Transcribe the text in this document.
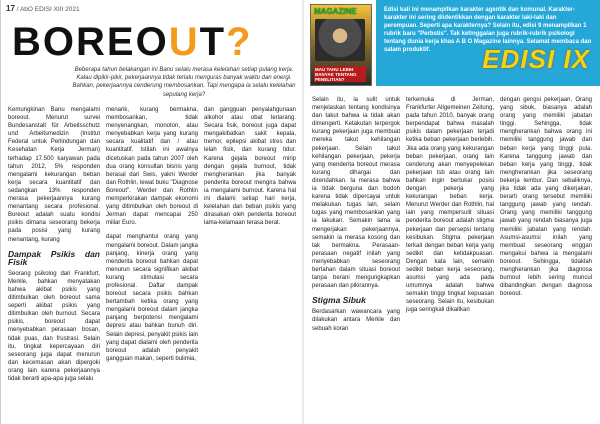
17 / AbO EDISI XIII 2021
BOREOUT?
Beberapa tahun belakangan ini Banu selalu merasa kelelahan setiap pulang kerja. Kalau dipikir-pikir, pekerjaannya tidak terlalu menguras banyak waktu dan energi. Bahkan, pekerjaannya cenderung membosankan. Tapi mengapa ia selalu kelelahan sepulang kerja?
Kemungkinan Banu mengalami boreout. Menurut survei Bundesanstalt für Arbeitsschutz und Arbeitsmedizin (Institut Federal untuk Perlindungan dan Kesehatan Kerja Jerman) terhadap 17.500 karyawan pada tahun 2012, 5% responden mengalami kekurangan beban kerja secara kuantitatif dan sedangkan 13% responden merasa pekerjaannya kurang menantang secara profesional. Boreout adalah suatu kondisi psikis dimana seseorang bekerja pada posisi yang kurang menantang, kurang
Dampak Psikis dan Fisik
Seorang psikolog dari Frankfurt, Merkle, bahkan menyatakan bahwa akibat psikis yang ditimbulkan oleh boreout sama seperti akibat psikis yang ditimbulkan oleh burnout. Secara psikis, boreout dapat menyebabkan perasaan bosan, tidak puas, dan frustrasi. Selain itu, tingkat kepercayaan diri seseorang juga dapat menurun dan kecemasan akan dipergoki orang lain karena pekerjaannya tidak berarti apa-apa juga selalu
menarik, kurang bermakna, membosankan, tidak menyenangkan, monoton, atau menyebabkan kerja yang kurang secara kualitatif dan / atau kuantitatif. Istilah ini awalnya dicetuskan pada tahun 2007 oleh dua orang konsultan bisnis yang berasal dari Swis, yakni Werder dan Rothlin, lewat buku "Diagnose Boreout". Werder dan Rothlin memperkirakan dampak ekonomi yang ditimbulkan oleh boreout di Jerman dapat mencapai 250 miliar Euro.
dapat menghantui orang yang mengalami boreout. Dalam jangka panjang, kinerja orang yang menderita boreout bahkan dapat menurun secara signifikan akibat kurang stimulasi secara profesional. Daftar dampak boreout secara psikis bahkan bertambah ketika orang yang mengalami boreout dalam jangka panjang berpotensi mengalami depresi atau bahkan bunuh diri. Selain depresi, penyakit psikis lain yang dapat dialami oleh penderita boreout adalah penyakit gangguan makan, seperti bulimia,
dan gangguan penyalahgunaan alkohol atau obat terlarang. Secara fisik, boreout juga dapat mengakibatkan sakit kepala, tremor, epilepsi akibat stres dan lelah fisik, dan kurang tidur. Karena gejala boreout mirip dengan gejala burnout, tidak mengherankan jika banyak penderita boreout mengira bahwa ia mengalami burnout. Karena hal ini dialami setiap hari kerja, kelelahan dan beban psikis yang dirasakan oleh penderita boreout lama-kelamaan terasa berat.
MAGAZINE
MAU TAHU LEBIH BANYAK TENTANG PENELITIAN?
Edisi kali ini menampilkan karakter agentik dan komunal. Karakter-karakter ini sering diidentikkan dengan karakter laki-laki dan perempuan. Seperti apa karakternya? Selain itu, edisi 9 menampilkan 1 rubrik baru "Perbstis". Tak ketinggalan juga rubrik-rubrik psikologi tentang dunia kerja khas A B O Magazine lainnya. Selamat membaca dan salam produktif.	EDISI IX
Selain itu, ia sulit untuk menjelaskan tentang kondisinya dan takut bahwa ia tidak akan dimengerti. Ketakutan terpergok kurang pekerjaan juga membuat mereka takut kehilangan pekerjaan. Selain takut kehilangan pekerjaan, pekerja yang menderita boreout merasa kurang dihargai dan direndahkan. Ia merasa bahwa ia tidak berguna dan bodoh karena tidak dipercayai untuk melakukan tugas lain, selain tugas yang membosankan yang ia lakukan. Semakin lama ia mengerjakan pekerjaannya, semakin ia merasa kosong dan tak bermakna. Perasaan-perasaan negatif inilah yang menyebabkan seseorang bertahan dalam situasi boreout tanpa berani mengungkapkan perasaan dan pikirannya.
Stigma Sibuk
Berdasarkan wawancara yang dilakukan antara Merkle dan sebuah koran
terkemuka di Jerman, Frankfurter Allgemeinen Zeitung, pada tahun 2010, banyak orang berpendapat bahwa masalah psikis dalam pekerjaan terjadi ketika beban pekerjaan berlebih. Jika ada orang yang kekurangan beban pekerjaan, orang lain cenderung akan menyepelekan pekerjaan tsb atau orang lain bahkan ingin bertukar posisi dengan pekerja yang kekurangan beban kerja. Menurut Werder dan Rothlin, hal lain yang mempersulit situasi penderita boreout adalah stigma pekerjaan dan persepsi tentang kesibukan. Stigma pekerjaan terkait dengan beban kerja yang sedikit dan ketidakpuasan. Dengan kata lain, semakin sedikit beban kerja seseorang, asumsi yang ada pada umumnya adalah bahwa semakin tinggi tingkat kepuasan seseorang. Selain itu, kesibukan juga seringkali dikaitkan
dengan gengsi pekerjaan. Orang yang sibuk, biasanya adalah orang yang memiliki jabatan tinggi. Sehingga, tidak mengherankan bahwa orang ini memiliki tanggung jawab dan beban kerja yang tinggi pula. Karena tanggung jawab dan beban kerja yang tinggi, tidak mengherankan jika seseorang bekerja lembur. Dan sebaliknya, jika tidak ada yang dikerjakan, berarti orang tersebut memiliki tanggung jawab yang rendah. Orang yang memiliki tanggung jawab yang rendah biasanya juga memiliki jabatan yang rendah. Asumsi-asumsi inilah yang membuat seseorang enggan mengakui bahwa ia mengalami boreout. Sehingga, tidaklah mengherankan jika diagnosa burnout lebih sering muncul dibandingkan dengan diagnosa boreout.
